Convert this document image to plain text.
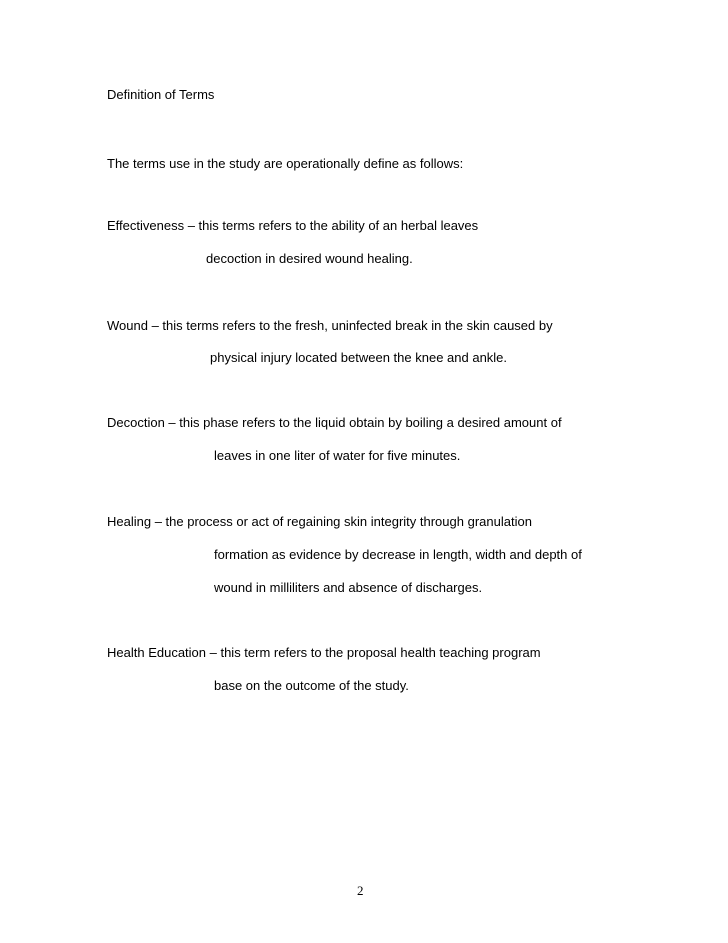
Definition of Terms
The terms use in the study are operationally define as follows:
Effectiveness – this terms refers to the ability of an herbal leaves
decoction in desired wound healing.
Wound – this terms refers to the fresh, uninfected break in the skin caused by
physical injury located between the knee and ankle.
Decoction – this phase refers to the liquid obtain by boiling a desired amount of
leaves in one liter of water for five minutes.
Healing – the process or act of regaining skin integrity through granulation
formation as evidence by decrease in length, width and depth of
wound in milliliters and absence of discharges.
Health Education – this term refers to the proposal health teaching program
base on the outcome of the study.
2
